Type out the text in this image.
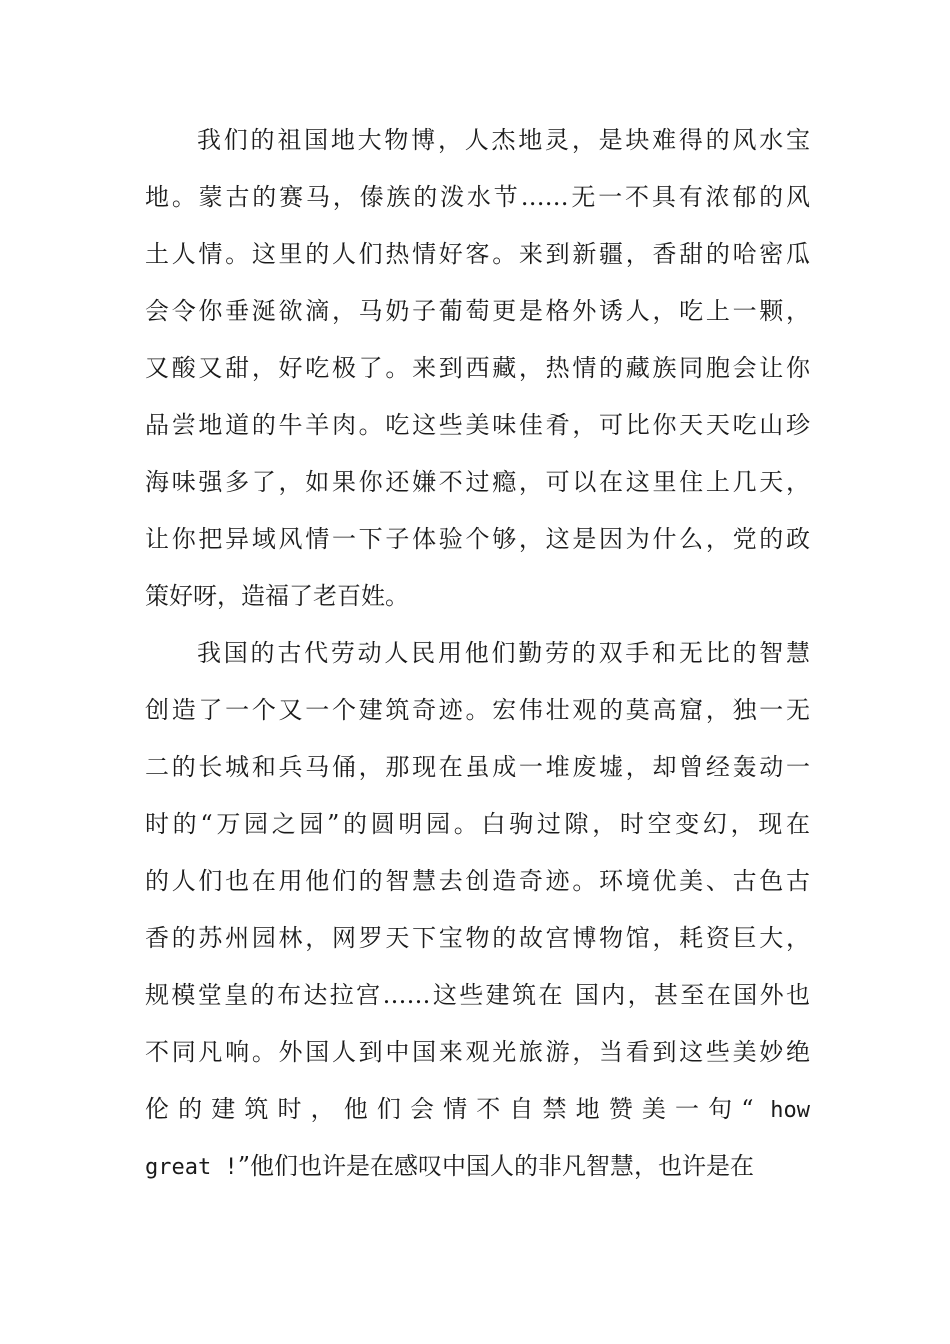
我们的祖国地大物博，人杰地灵，是块难得的风水宝
地。蒙古的赛马，傣族的泼水节……无一不具有浓郁的风
土人情。这里的人们热情好客。来到新疆，香甜的哈密瓜
会令你垂涎欲滴，马奶子葡萄更是格外诱人，吃上一颗，
又酸又甜，好吃极了。来到西藏，热情的藏族同胞会让你
品尝地道的牛羊肉。吃这些美味佳肴，可比你天天吃山珍
海味强多了，如果你还嫌不过瘾，可以在这里住上几天，
让你把异域风情一下子体验个够，这是因为什么，党的政
策好呀，造福了老百姓。
我国的古代劳动人民用他们勤劳的双手和无比的智慧
创造了一个又一个建筑奇迹。宏伟壮观的莫高窟，独一无
二的长城和兵马俑，那现在虽成一堆废墟，却曾经轰动一
时的“万园之园”的圆明园。白驹过隙，时空变幻，现在
的人们也在用他们的智慧去创造奇迹。环境优美、古色古
香的苏州园林，网罗天下宝物的故宫博物馆，耗资巨大，
规模堂皇的布达拉宫……这些建筑在 国内，甚至在国外也
不同凡响。外国人到中国来观光旅游，当看到这些美妙绝
伦的建筑时，他们会情不自禁地赞美一句“ how
great !”他们也许是在感叹中国人的非凡智慧，也许是在
